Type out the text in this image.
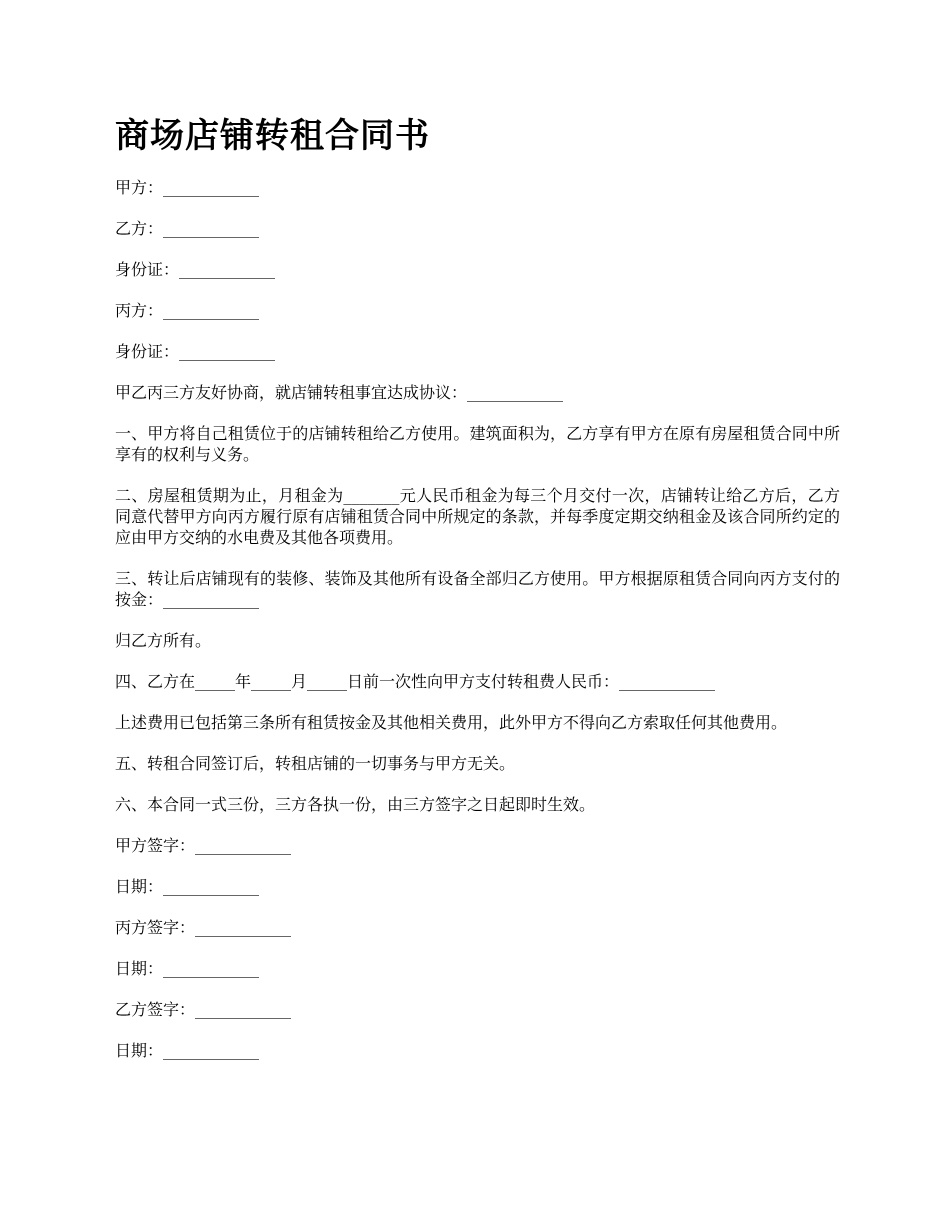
商场店铺转租合同书

甲方：____________

乙方：____________

身份证：____________

丙方：____________

身份证：____________

甲乙丙三方友好协商，就店铺转租事宜达成协议：____________

一、甲方将自己租赁位于的店铺转租给乙方使用。建筑面积为，乙方享有甲方在原有房屋租赁合同中所享有的权利与义务。

二、房屋租赁期为止，月租金为_______元人民币租金为每三个月交付一次，店铺转让给乙方后，乙方同意代替甲方向丙方履行原有店铺租赁合同中所规定的条款，并每季度定期交纳租金及该合同所约定的应由甲方交纳的水电费及其他各项费用。

三、转让后店铺现有的装修、装饰及其他所有设备全部归乙方使用。甲方根据原租赁合同向丙方支付的按金：____________

归乙方所有。

四、乙方在_____年_____月_____日前一次性向甲方支付转租费人民币：____________

上述费用已包括第三条所有租赁按金及其他相关费用，此外甲方不得向乙方索取任何其他费用。

五、转租合同签订后，转租店铺的一切事务与甲方无关。

六、本合同一式三份，三方各执一份，由三方签字之日起即时生效。

甲方签字：____________

日期：____________

丙方签字：____________

日期：____________

乙方签字：____________

日期：____________
